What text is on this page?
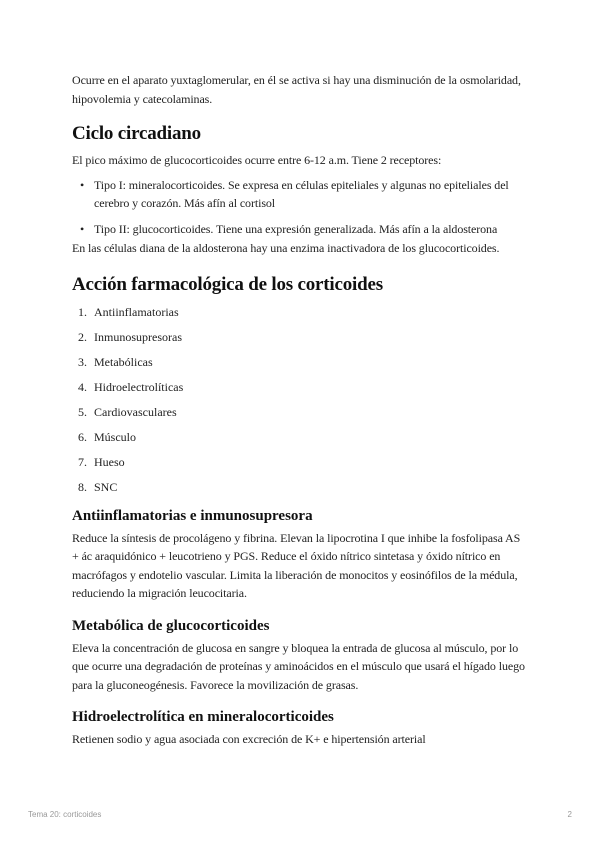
Ocurre en el aparato yuxtaglomerular, en él se activa si hay una disminución de la osmolaridad, hipovolemia y catecolaminas.

Ciclo circadiano

El pico máximo de glucocorticoides ocurre entre 6-12 a.m. Tiene 2 receptores:

• Tipo I: mineralocorticoides. Se expresa en células epiteliales y algunas no epiteliales del cerebro y corazón. Más afín al cortisol
• Tipo II: glucocorticoides. Tiene una expresión generalizada. Más afín a la aldosterona

En las células diana de la aldosterona hay una enzima inactivadora de los glucocorticoides.

Acción farmacológica de los corticoides
1. Antiinflamatorias
2. Inmunosupresoras
3. Metabólicas
4. Hidroelectrolíticas
5. Cardiovasculares
6. Músculo
7. Hueso
8. SNC
Antiinflamatorias e inmunosupresora

Reduce la síntesis de procolágeno y fibrina. Elevan la lipocrotina I que inhibe la fosfolipasa AS + ác araquidónico + leucotrieno y PGS. Reduce el óxido nítrico sintetasa y óxido nítrico en macrófagos y endotelio vascular. Limita la liberación de monocitos y eosinófilos de la médula, reduciendo la migración leucocitaria.

Metabólica de glucocorticoides

Eleva la concentración de glucosa en sangre y bloquea la entrada de glucosa al músculo, por lo que ocurre una degradación de proteínas y aminoácidos en el músculo que usará el hígado luego para la gluconeogénesis. Favorece la movilización de grasas.

Hidroelectrolítica en mineralocorticoides

Retienen sodio y agua asociada con excreción de K+ e hipertensión arterial

Tema 20: corticoides	2
